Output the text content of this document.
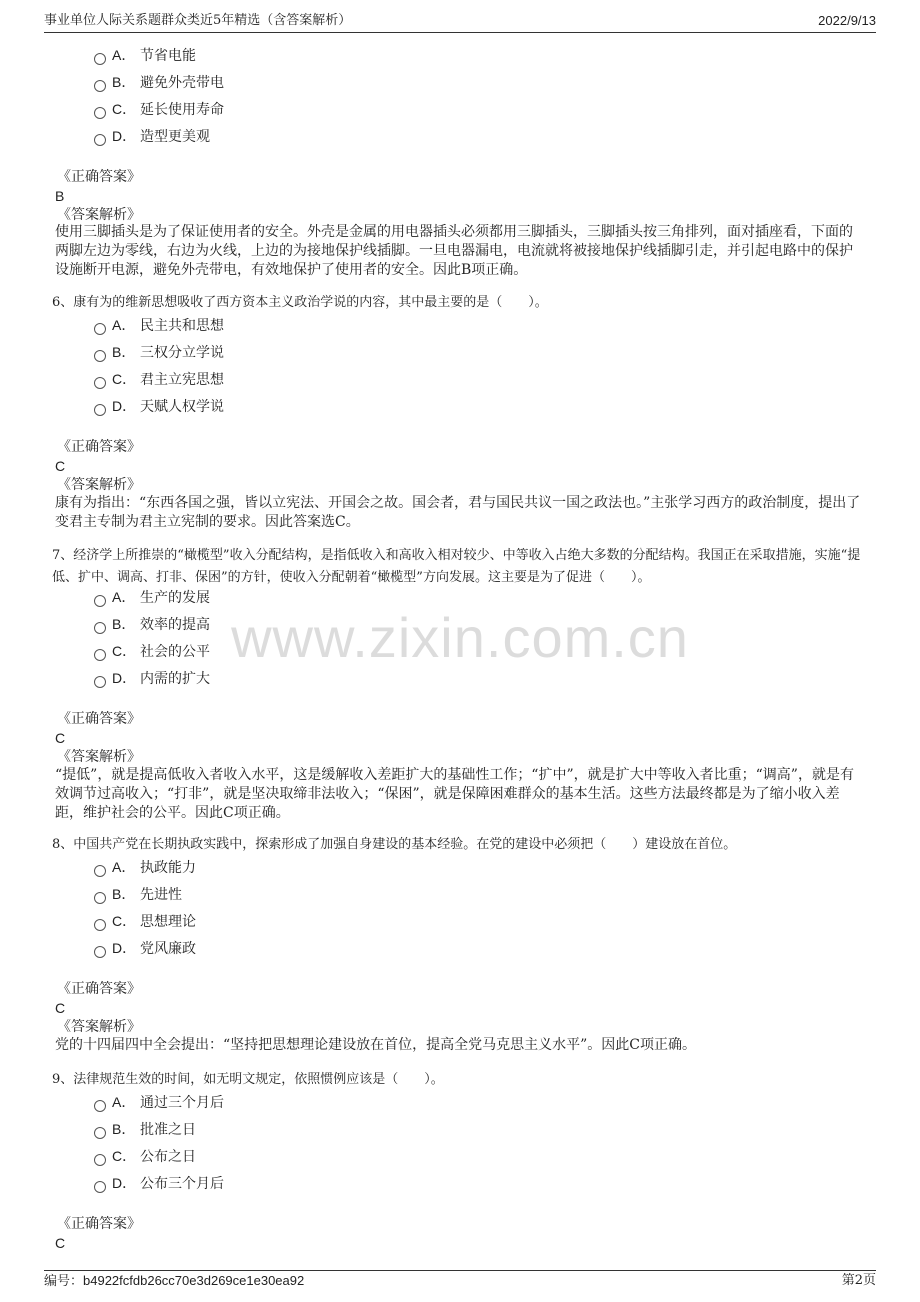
事业单位人际关系题群众类近5年精选（含答案解析）	2022/9/13
www.zixin.com.cn
A． 节省电能
B． 避免外壳带电
C． 延长使用寿命
D． 造型更美观
《正确答案》
B
《答案解析》
使用三脚插头是为了保证使用者的安全。外壳是金属的用电器插头必须都用三脚插头，三脚插头按三角排列，面对插座看，下面的两脚左边为零线，右边为火线，上边的为接地保护线插脚。一旦电器漏电，电流就将被接地保护线插脚引走，并引起电路中的保护设施断开电源，避免外壳带电，有效地保护了使用者的安全。因此B项正确。
6、康有为的维新思想吸收了西方资本主义政治学说的内容，其中最主要的是（　　）。
A． 民主共和思想
B． 三权分立学说
C． 君主立宪思想
D． 天赋人权学说
《正确答案》
C
《答案解析》
康有为指出：“东西各国之强，皆以立宪法、开国会之故。国会者，君与国民共议一国之政法也。”主张学习西方的政治制度，提出了变君主专制为君主立宪制的要求。因此答案选C。
7、经济学上所推崇的“橄榄型”收入分配结构，是指低收入和高收入相对较少、中等收入占绝大多数的分配结构。我国正在采取措施，实施“提低、扩中、调高、打非、保困”的方针，使收入分配朝着“橄榄型”方向发展。这主要是为了促进（　　）。
A． 生产的发展
B． 效率的提高
C． 社会的公平
D． 内需的扩大
《正确答案》
C
《答案解析》
“提低”，就是提高低收入者收入水平，这是缓解收入差距扩大的基础性工作；“扩中”，就是扩大中等收入者比重；“调高”，就是有效调节过高收入；“打非”，就是坚决取缔非法收入；“保困”，就是保障困难群众的基本生活。这些方法最终都是为了缩小收入差距，维护社会的公平。因此C项正确。
8、中国共产党在长期执政实践中，探索形成了加强自身建设的基本经验。在党的建设中必须把（　　）建设放在首位。
A． 执政能力
B． 先进性
C． 思想理论
D． 党风廉政
《正确答案》
C
《答案解析》
党的十四届四中全会提出：“坚持把思想理论建设放在首位，提高全党马克思主义水平”。因此C项正确。
9、法律规范生效的时间，如无明文规定，依照惯例应该是（　　）。
A． 通过三个月后
B． 批准之日
C． 公布之日
D． 公布三个月后
《正确答案》
C
编号：b4922fcfdb26cc70e3d269ce1e30ea92	第2页
